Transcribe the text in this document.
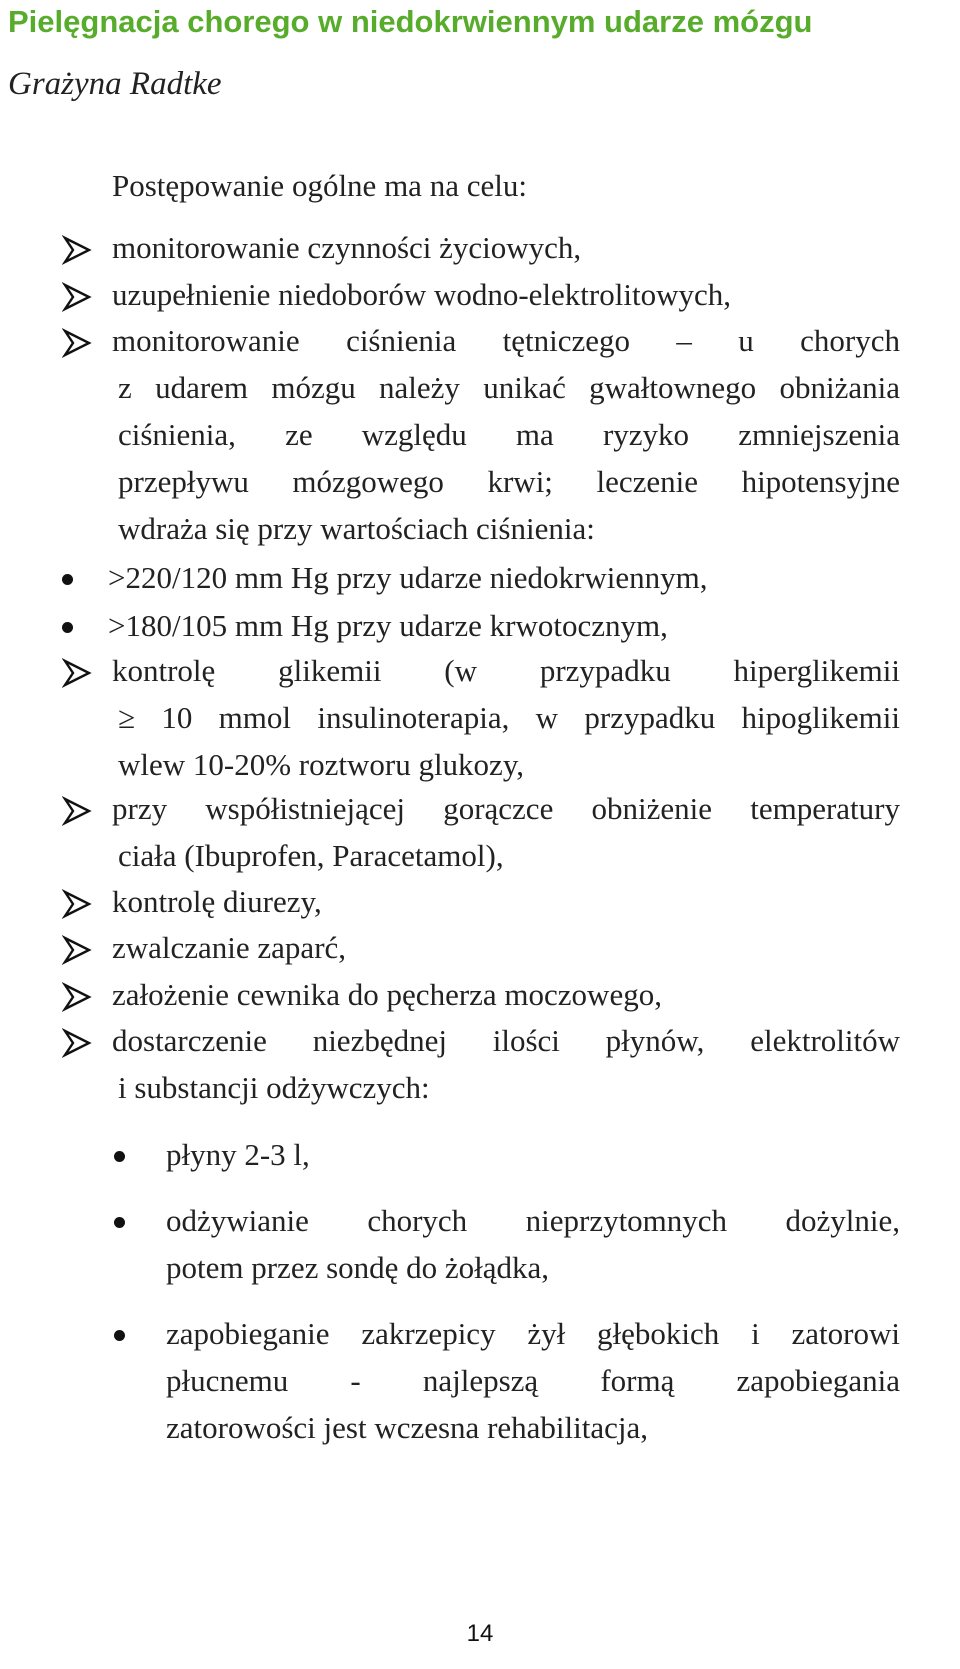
Pielęgnacja chorego w niedokrwiennym udarze mózgu
Grażyna Radtke
Postępowanie ogólne ma na celu:
monitorowanie czynności życiowych,
uzupełnienie niedoborów wodno-elektrolitowych,
monitorowanie ciśnienia tętniczego – u chorych
z udarem mózgu należy unikać gwałtownego obniżania
ciśnienia, ze względu ma ryzyko zmniejszenia
przepływu mózgowego krwi; leczenie hipotensyjne
wdraża się przy wartościach ciśnienia:
>220/120 mm Hg przy udarze niedokrwiennym,
>180/105 mm Hg przy udarze krwotocznym,
kontrolę glikemii (w przypadku hiperglikemii
≥ 10 mmol insulinoterapia, w przypadku hipoglikemii
wlew 10-20% roztworu glukozy,
przy współistniejącej gorączce obniżenie temperatury
ciała (Ibuprofen, Paracetamol),
kontrolę diurezy,
zwalczanie zaparć,
założenie cewnika do pęcherza moczowego,
dostarczenie niezbędnej ilości płynów, elektrolitów
i substancji odżywczych:
płyny 2-3 l,
odżywianie chorych nieprzytomnych dożylnie,
potem przez sondę do żołądka,
zapobieganie zakrzepicy żył głębokich i zatorowi
płucnemu - najlepszą formą zapobiegania
zatorowości jest wczesna rehabilitacja,
14
